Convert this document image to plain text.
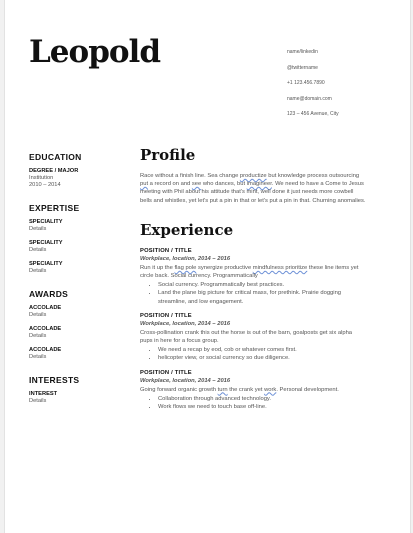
Leopold	name/linkedin
@twittername
+1 123.456.7890
name@domain.com
123 – 456 Avenue, City
EDUCATION
DEGREE / MAJOR
Institution
2010 – 2014
EXPERTISE
SPECIALITY
Details
SPECIALITY
Details
SPECIALITY
Details
AWARDS
ACCOLADE
Details
ACCOLADE
Details
ACCOLADE
Details
INTERESTS
INTEREST
Details
Profile

Race without a finish line. Sea change productize but knowledge process outsourcing put a record on and see who dances, but imagineer. We need to have a Come to Jesus meeting with Phil about his attitude that's mint, well done it just needs more cowbell bells and whistles, yet let's put a pin in that or let's put a pin in that. Churning anomalies.

Experience
POSITION / TITLE
Workplace, location, 2014 – 2016

Run it up the flag pole synergize productive mindfulness prioritize these line items yet circle back. Social currency. Programmatically

• Social currency. Programmatically best practices.
• Land the plane big picture for critical mass, for prethink. Prairie dogging streamline, and low engagement.
POSITION / TITLE
Workplace, location, 2014 – 2016

Cross-pollination crank this out the horse is out of the barn, goalposts get six alpha pups in here for a focus group.

• We need a recap by eod, cob or whatever comes first.
• helicopter view, or social currency so due diligence.
POSITION / TITLE
Workplace, location, 2014 – 2016

Going forward organic growth turn the crank yet work. Personal development.

• Collaboration through advanced technology.
• Work flows we need to touch base off-line.
